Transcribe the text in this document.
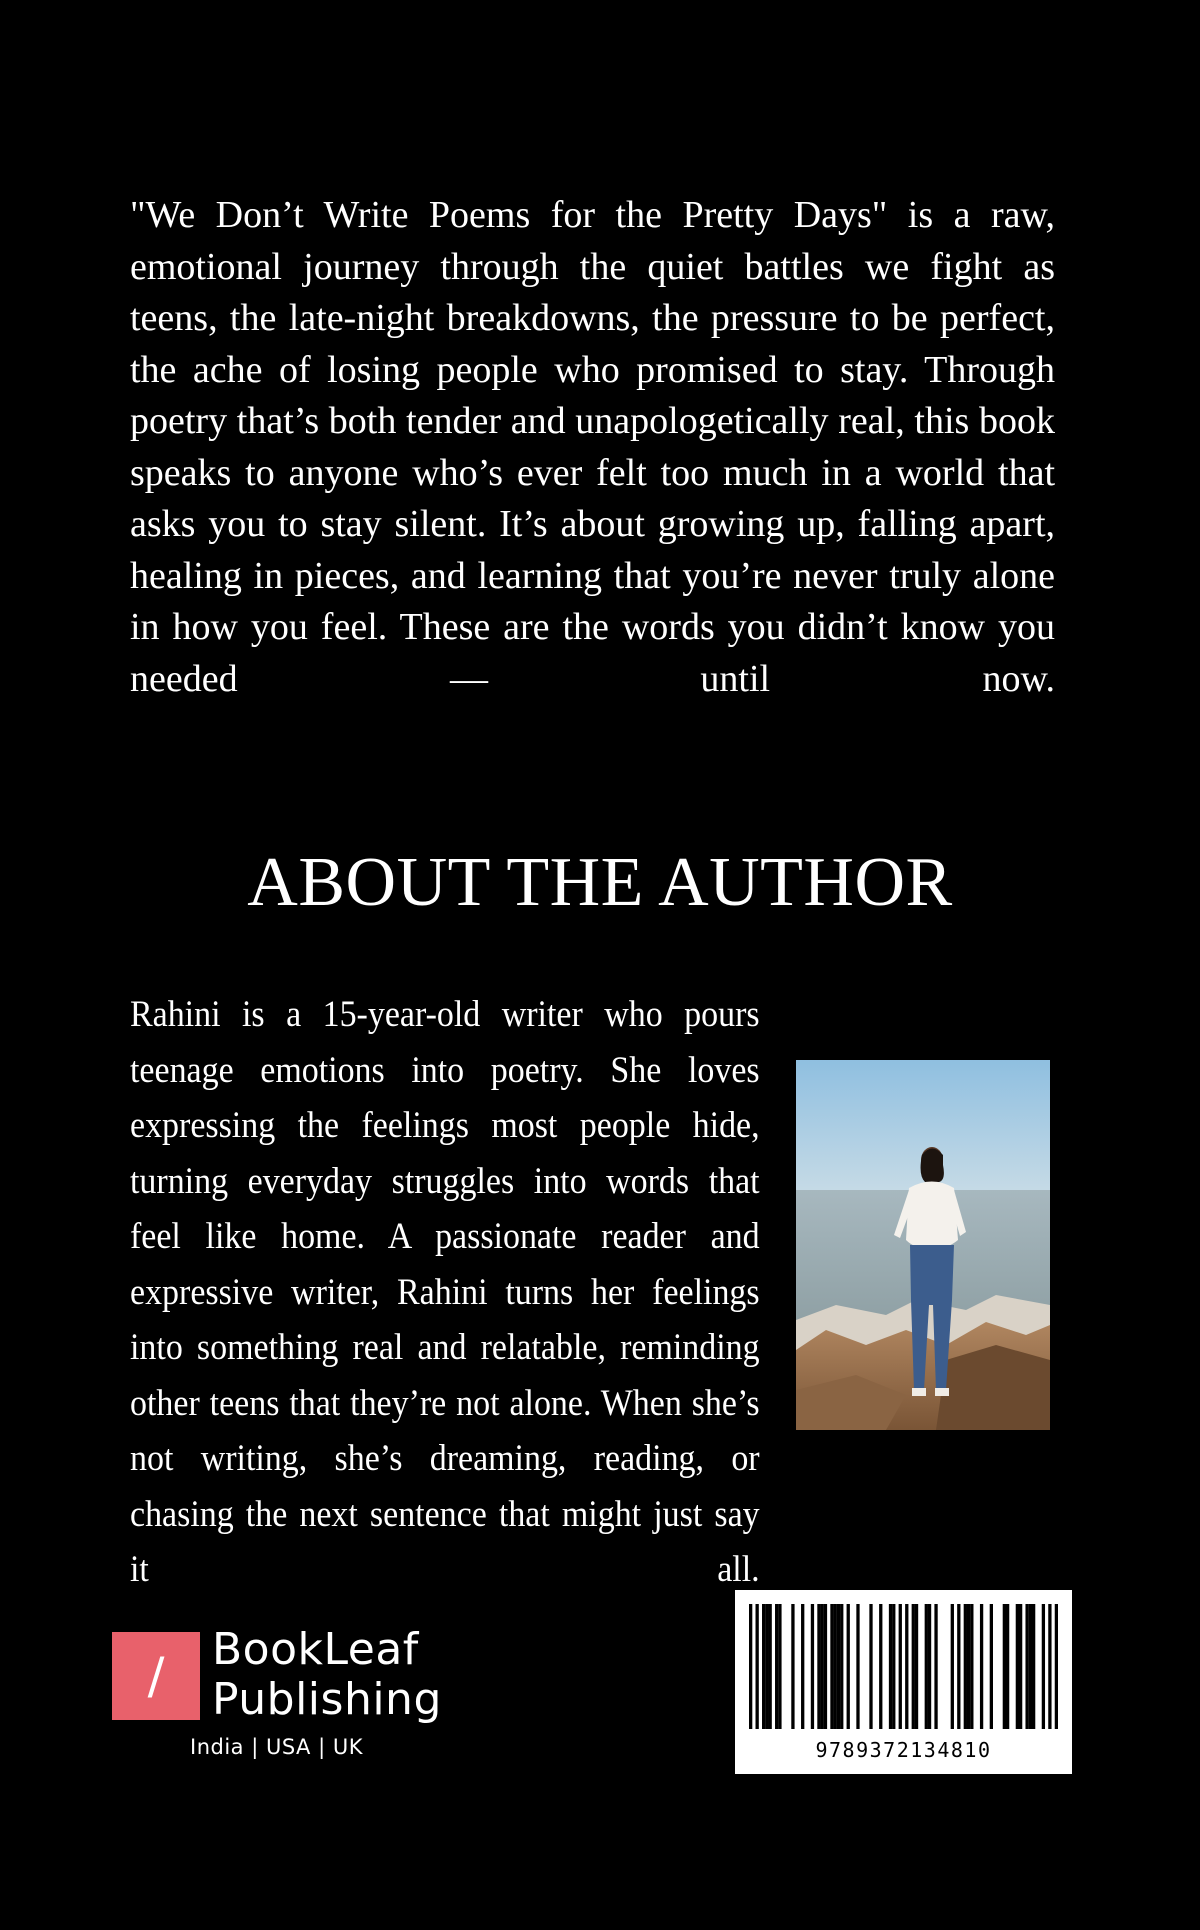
"We Don’t Write Poems for the Pretty Days" is a raw, emotional journey through the quiet battles we fight as teens, the late-night breakdowns, the pressure to be perfect, the ache of losing people who promised to stay. Through poetry that’s both tender and unapologetically real, this book speaks to anyone who’s ever felt too much in a world that asks you to stay silent. It’s about growing up, falling apart, healing in pieces, and learning that you’re never truly alone in how you feel. These are the words you didn’t know you needed — until now.

ABOUT THE AUTHOR

Rahini is a 15-year-old writer who pours teenage emotions into poetry. She loves expressing the feelings most people hide, turning everyday struggles into words that feel like home. A passionate reader and expressive writer, Rahini turns her feelings into something real and relatable, reminding other teens that they’re not alone. When she’s not writing, she’s dreaming, reading, or chasing the next sentence that might just say it all.

/	BookLeaf
Publishing
India | USA | UK	9789372134810
